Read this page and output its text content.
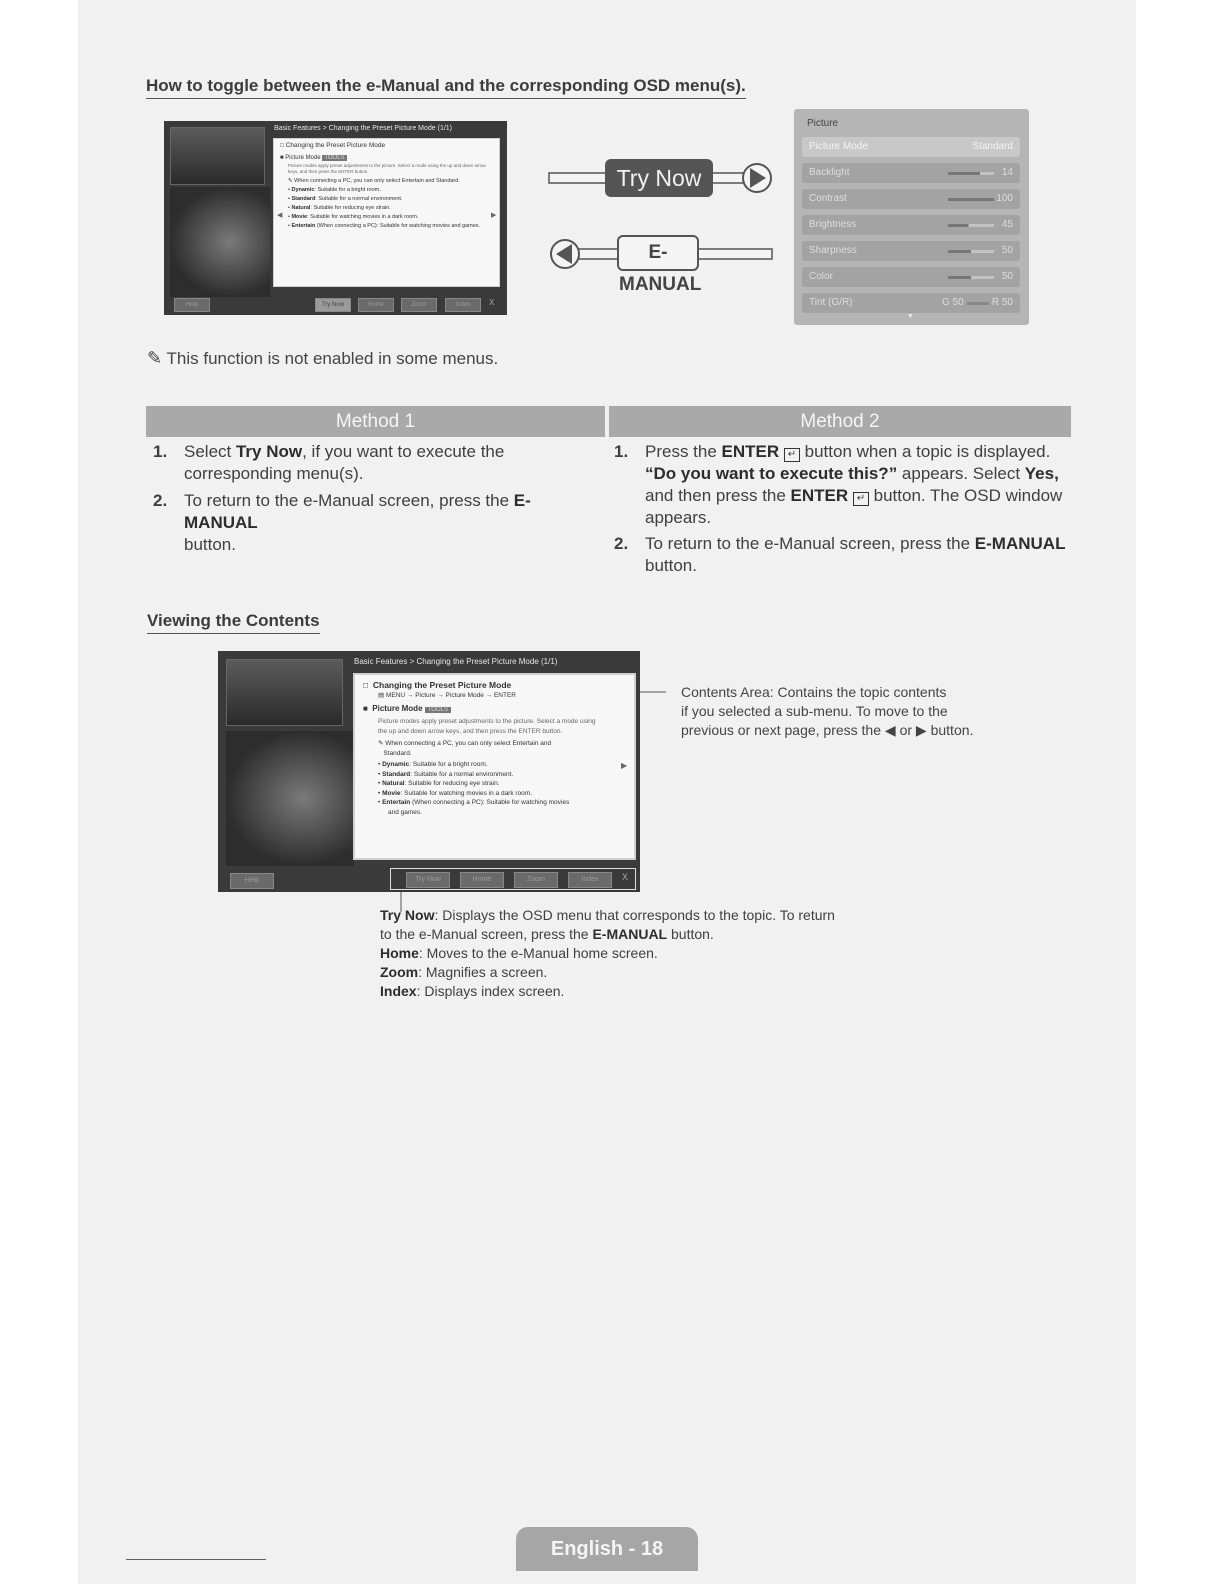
How to toggle between the e-Manual and the corresponding OSD menu(s).
Basic Features > Changing the Preset Picture Mode (1/1)
□ Changing the Preset Picture Mode
■ Picture Mode TOOLS
Picture modes apply preset adjustments to the picture. Select a mode using the up and down arrow keys, and then press the ENTER button.
✎ When connecting a PC, you can only select Entertain and Standard.
• Dynamic: Suitable for a bright room.
• Standard: Suitable for a normal environment.
• Natural: Suitable for reducing eye strain.
• Movie: Suitable for watching movies in a dark room.
• Entertain (When connecting a PC): Suitable for watching movies and games.
◀	▶
Help	Try Now	Home	Zoom	Index	X
Try Now
E-MANUAL
Picture
Picture Mode	Standard
Backlight	14
Contrast	100
Brightness	45
Sharpness	50
Color	50
Tint (G/R)	G 50	R 50
▼
✎ This function is not enabled in some menus.
Method 1	Method 2
1. Select Try Now, if you want to execute the
corresponding menu(s).
2. To return to the e-Manual screen, press the E-MANUAL
button.
1. Press the ENTER ↵ button when a topic is displayed.
“Do you want to execute this?” appears. Select Yes,
and then press the ENTER ↵ button. The OSD window
appears.
2. To return to the e-Manual screen, press the E-MANUAL
button.
Viewing the Contents
Basic Features > Changing the Preset Picture Mode (1/1)
□  Changing the Preset Picture Mode
▤ MENU → Picture → Picture Mode → ENTER
■  Picture Mode TOOLS
Picture modes apply preset adjustments to the picture. Select a mode using
the up and down arrow keys, and then press the ENTER button.
✎ When connecting a PC, you can only select Entertain and
Standard.
• Dynamic: Suitable for a bright room.
• Standard: Suitable for a normal environment.
• Natural: Suitable for reducing eye strain.
• Movie: Suitable for watching movies in a dark room.
• Entertain (When connecting a PC): Suitable for watching movies
and games.
▶
Help	Try Now	Home	Zoom	Index	X
Contents Area: Contains the topic contents
if you selected a sub-menu. To move to the
previous or next page, press the ◀ or ▶ button.
Try Now: Displays the OSD menu that corresponds to the topic. To return
to the e-Manual screen, press the E-MANUAL button.
Home: Moves to the e-Manual home screen.
Zoom: Magnifies a screen.
Index: Displays index screen.
English - 18
